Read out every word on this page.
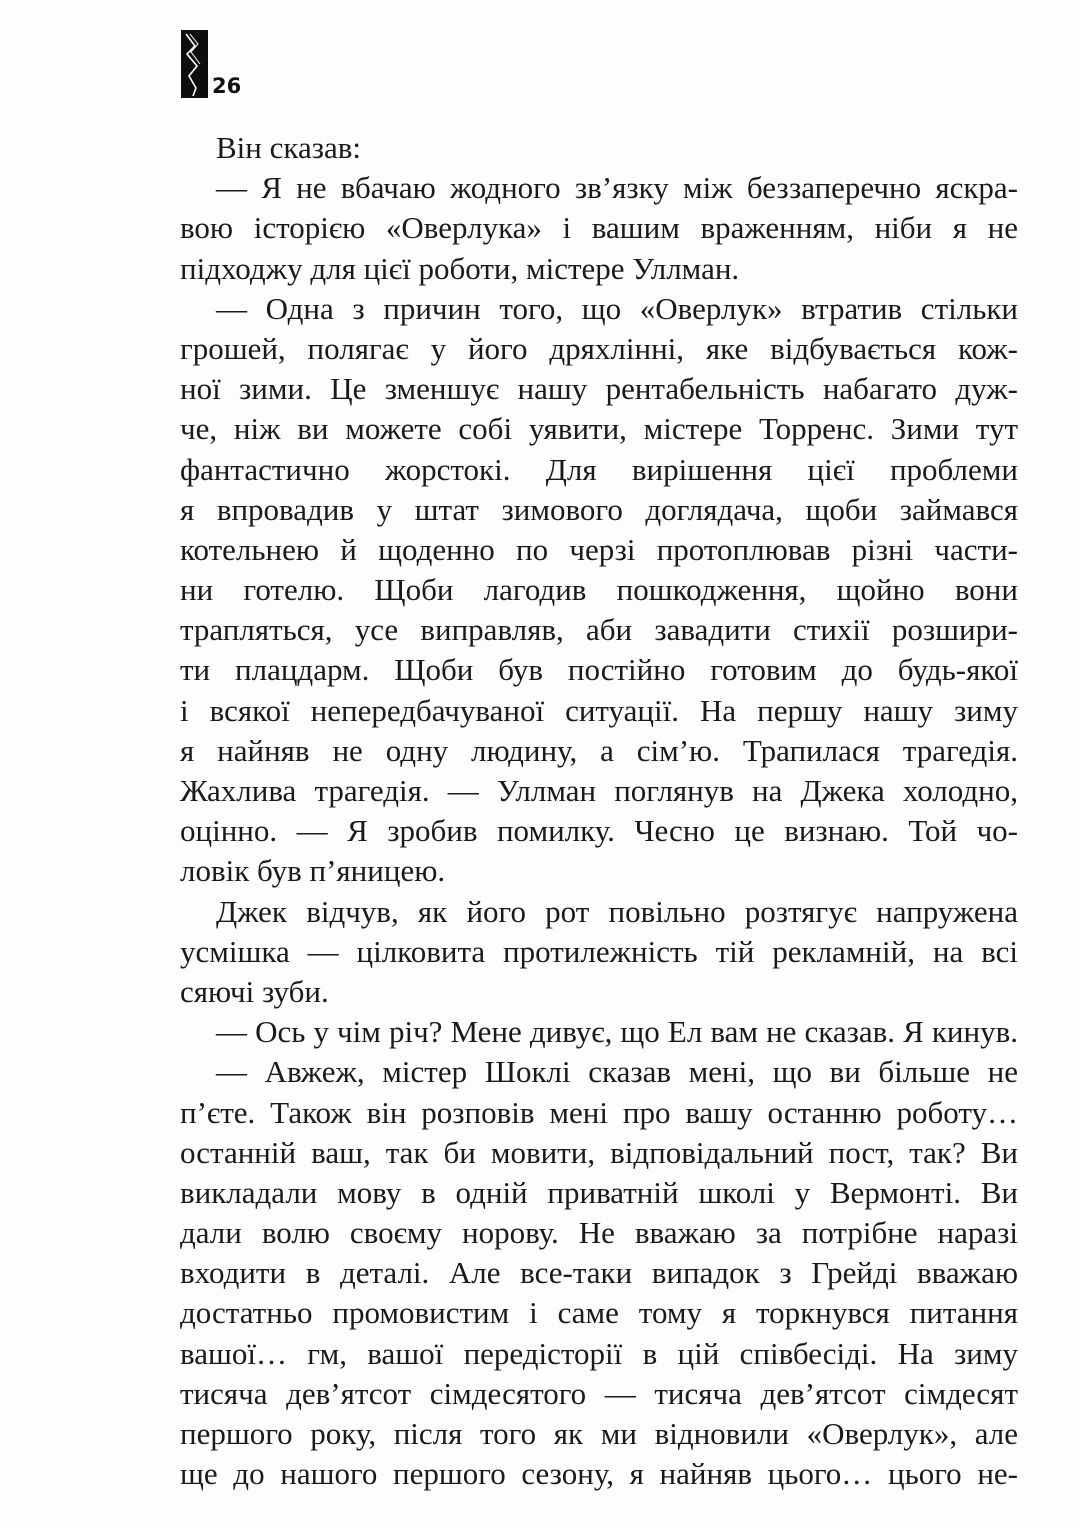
26
Він сказав:
— Я не вбачаю жодного зв’язку між беззаперечно яскра-
вою історією «Оверлука» і вашим враженням, ніби я не
підходжу для цієї роботи, містере Уллман.
— Одна з причин того, що «Оверлук» втратив стільки
грошей, полягає у його дряхлінні, яке відбувається кож-
ної зими. Це зменшує нашу рентабельність набагато дуж-
че, ніж ви можете собі уявити, містере Торренс. Зими тут
фантастично жорстокі. Для вирішення цієї проблеми
я впровадив у штат зимового доглядача, щоби займався
котельнею й щоденно по черзі протоплював різні части-
ни готелю. Щоби лагодив пошкодження, щойно вони
трапляться, усе виправляв, аби завадити стихії розшири-
ти плацдарм. Щоби був постійно готовим до будь-якої
і всякої непередбачуваної ситуації. На першу нашу зиму
я найняв не одну людину, а сім’ю. Трапилася трагедія.
Жахлива трагедія. — Уллман поглянув на Джека холодно,
оцінно. — Я зробив помилку. Чесно це визнаю. Той чо-
ловік був п’яницею.
Джек відчув, як його рот повільно розтягує напружена
усмішка — цілковита протилежність тій рекламній, на всі
сяючі зуби.
— Ось у чім річ? Мене дивує, що Ел вам не сказав. Я кинув.
— Авжеж, містер Шоклі сказав мені, що ви більше не
п’єте. Також він розповів мені про вашу останню роботу…
останній ваш, так би мовити, відповідальний пост, так? Ви
викладали мову в одній приватній школі у Вермонті. Ви
дали волю своєму норову. Не вважаю за потрібне наразі
входити в деталі. Але все-таки випадок з Грейді вважаю
достатньо промовистим і саме тому я торкнувся питання
вашої… гм, вашої передісторії в цій співбесіді. На зиму
тисяча дев’ятсот сімдесятого — тисяча дев’ятсот сімдесят
першого року, після того як ми відновили «Оверлук», але
ще до нашого першого сезону, я найняв цього… цього не-
